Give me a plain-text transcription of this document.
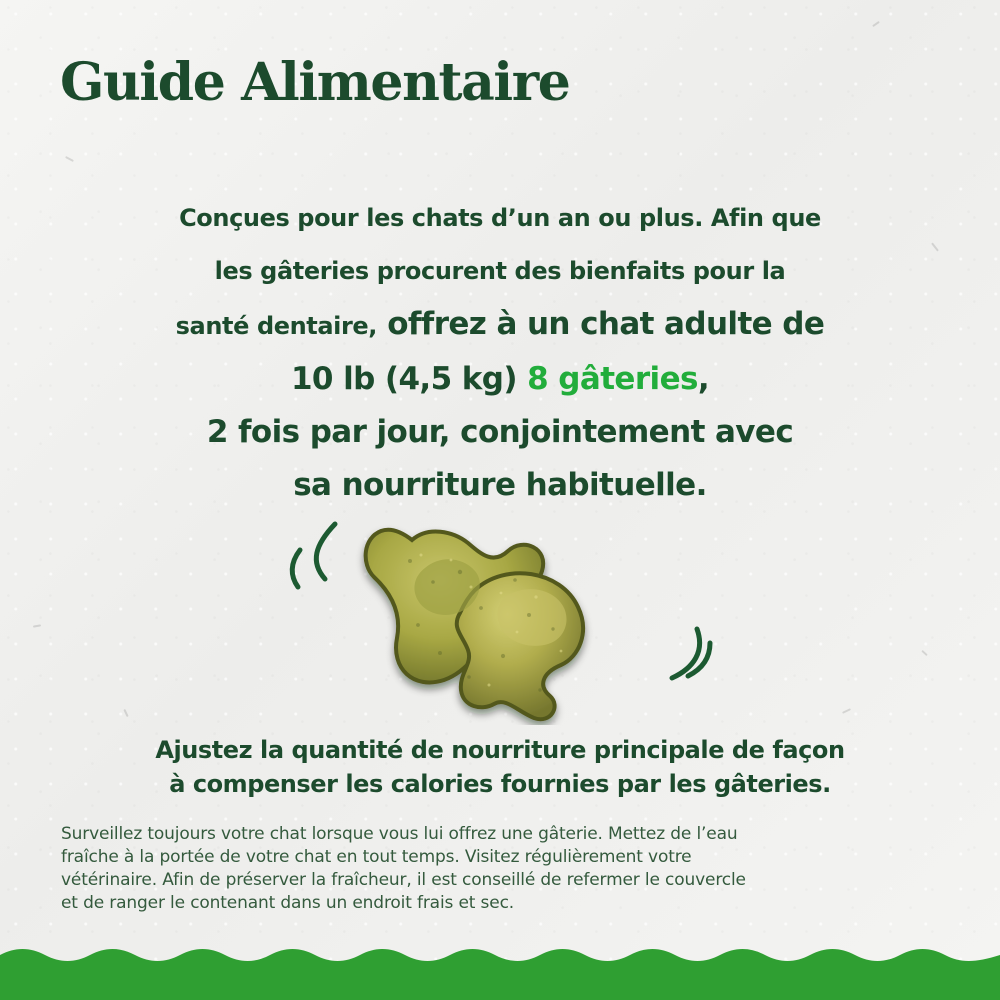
Guide Alimentaire

Conçues pour les chats d’un an ou plus. Afin que
les gâteries procurent des bienfaits pour la
santé dentaire, offrez à un chat adulte de
10 lb (4,5 kg) 8 gâteries,
2 fois par jour, conjointement avec
sa nourriture habituelle.

Ajustez la quantité de nourriture principale de façon
à compenser les calories fournies par les gâteries.

Surveillez toujours votre chat lorsque vous lui offrez une gâterie. Mettez de l’eau
fraîche à la portée de votre chat en tout temps. Visitez régulièrement votre
vétérinaire. Afin de préserver la fraîcheur, il est conseillé de refermer le couvercle
et de ranger le contenant dans un endroit frais et sec.
